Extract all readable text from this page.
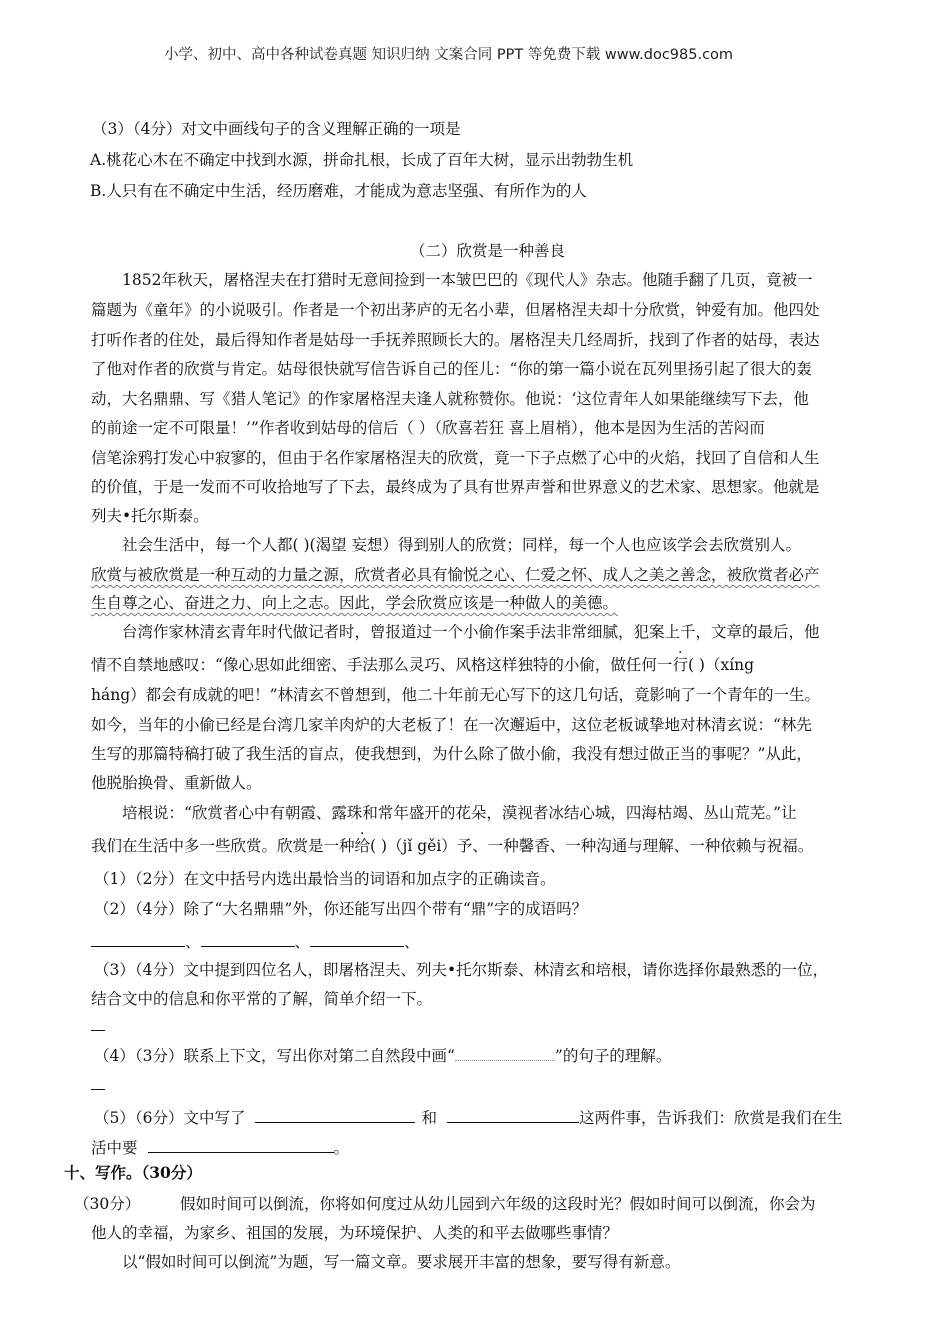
小学、初中、高中各种试卷真题 知识归纳 文案合同 PPT 等免费下载 www.doc985.com
（3）（4分）对文中画线句子的含义理解正确的一项是
A.桃花心木在不确定中找到水源，拼命扎根，长成了百年大树，显示出勃勃生机
B.人只有在不确定中生活，经历磨难，才能成为意志坚强、有所作为的人
（二）欣赏是一种善良
1852年秋天，屠格涅夫在打猎时无意间捡到一本皱巴巴的《现代人》杂志。他随手翻了几页，竟被一
篇题为《童年》的小说吸引。作者是一个初出茅庐的无名小辈，但屠格涅夫却十分欣赏，钟爱有加。他四处
打听作者的住处，最后得知作者是姑母一手抚养照顾长大的。屠格涅夫几经周折，找到了作者的姑母，表达
了他对作者的欣赏与肯定。姑母很快就写信告诉自己的侄儿：“你的第一篇小说在瓦列里扬引起了很大的轰
动，大名鼎鼎、写《猎人笔记》的作家屠格涅夫逢人就称赞你。他说：‘这位青年人如果能继续写下去，他
的前途一定不可限量！’”作者收到姑母的信后（ ）（欣喜若狂 喜上眉梢），他本是因为生活的苦闷而
信笔涂鸦打发心中寂寥的，但由于名作家屠格涅夫的欣赏，竟一下子点燃了心中的火焰，找回了自信和人生
的价值，于是一发而不可收拾地写了下去，最终成为了具有世界声誉和世界意义的艺术家、思想家。他就是
列夫•托尔斯泰。
社会生活中，每一个人都( )(渴望 妄想）得到别人的欣赏；同样，每一个人也应该学会去欣赏别人。
欣赏与被欣赏是一种互动的力量之源，欣赏者必具有愉悦之心、仁爱之怀、成人之美之善念，被欣赏者必产
生自尊之心、奋进之力、向上之志。因此，学会欣赏应该是一种做人的美德。
台湾作家林清玄青年时代做记者时，曾报道过一个小偷作案手法非常细腻，犯案上千，文章的最后，他
情不自禁地感叹：“像心思如此细密、手法那么灵巧、风格这样独特的小偷，做任何一行( )（xíng
háng）都会有成就的吧！”林清玄不曾想到，他二十年前无心写下的这几句话，竟影响了一个青年的一生。
如今，当年的小偷已经是台湾几家羊肉炉的大老板了！在一次邂逅中，这位老板诚挚地对林清玄说：“林先
生写的那篇特稿打破了我生活的盲点，使我想到，为什么除了做小偷，我没有想过做正当的事呢？”从此，
他脱胎换骨、重新做人。
培根说：“欣赏者心中有朝霞、露珠和常年盛开的花朵，漠视者冰结心城，四海枯竭、丛山荒芜。”让
我们在生活中多一些欣赏。欣赏是一种给( )（jǐ gěi）予、一种馨香、一种沟通与理解、一种依赖与祝福。
（1）（2分）在文中括号内选出最恰当的词语和加点字的正确读音。
（2）（4分）除了“大名鼎鼎”外，你还能写出四个带有“鼎”字的成语吗？
、	、	、
（3）（4分）文中提到四位名人，即屠格涅夫、列夫•托尔斯泰、林清玄和培根，请你选择你最熟悉的一位，
结合文中的信息和你平常的了解，简单介绍一下。
（4）（3分）联系上下文，写出你对第二自然段中画“	”的句子的理解。
（5）（6分）文中写了	和	这两件事，告诉我们：欣赏是我们在生
活中要	。
十、写作。（30分）
（30分）	假如时间可以倒流，你将如何度过从幼儿园到六年级的这段时光？假如时间可以倒流，你会为
他人的幸福，为家乡、祖国的发展，为环境保护、人类的和平去做哪些事情？
以“假如时间可以倒流”为题，写一篇文章。要求展开丰富的想象，要写得有新意。
